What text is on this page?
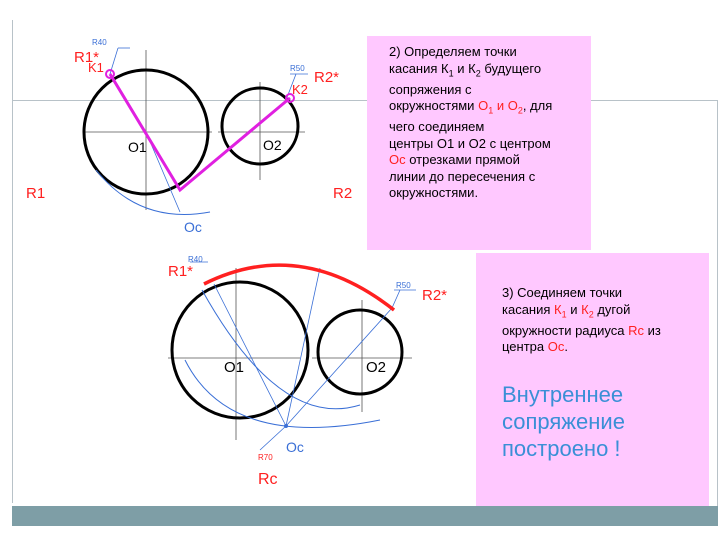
2) Определяем точки
касания $К_1$ и $К_2$ будущего
сопряжения с
окружностями $О_1$ и $О_2$, для
чего соединяем
центры О1 и О2 с центром
Ос отрезками прямой
линии до пересечения с
окружностями.
3) Соединяем точки
касания $К_1$ и $К_2$ дугой
окружности радиуса Rc из
центра Ос.
Внутреннее
сопряжение
построено !
R40
R1*
K1	R50
R2*
K2
O1	O2
Oc
R1	R2
R1*
R40
R50
R2*
O1	O2
Oc
R70
Rc
